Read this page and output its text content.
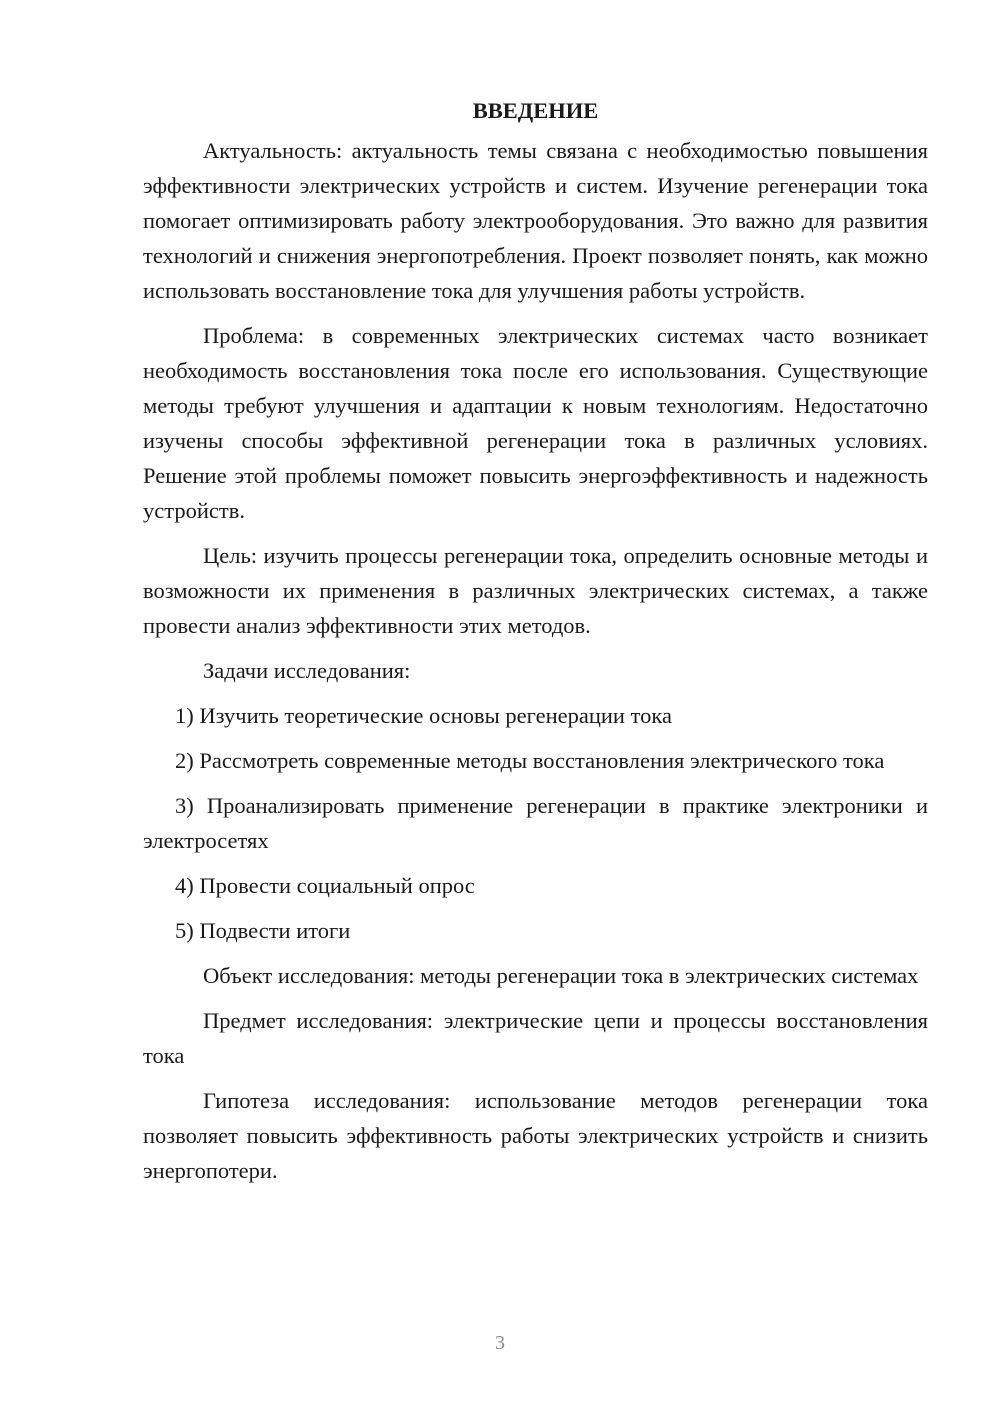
ВВЕДЕНИЕ

Актуальность: актуальность темы связана с необходимостью повышения эффективности электрических устройств и систем. Изучение регенерации тока помогает оптимизировать работу электрооборудования. Это важно для развития технологий и снижения энергопотребления. Проект позволяет понять, как можно использовать восстановление тока для улучшения работы устройств.

Проблема: в современных электрических системах часто возникает необходимость восстановления тока после его использования. Существующие методы требуют улучшения и адаптации к новым технологиям. Недостаточно изучены способы эффективной регенерации тока в различных условиях. Решение этой проблемы поможет повысить энергоэффективность и надежность устройств.

Цель: изучить процессы регенерации тока, определить основные методы и возможности их применения в различных электрических системах, а также провести анализ эффективности этих методов.

Задачи исследования:

1) Изучить теоретические основы регенерации тока

2) Рассмотреть современные методы восстановления электрического тока

3) Проанализировать применение регенерации в практике электроники и электросетях

4) Провести социальный опрос

5) Подвести итоги

Объект исследования: методы регенерации тока в электрических системах

Предмет исследования: электрические цепи и процессы восстановления тока

Гипотеза исследования: использование методов регенерации тока позволяет повысить эффективность работы электрических устройств и снизить энергопотери.

3
